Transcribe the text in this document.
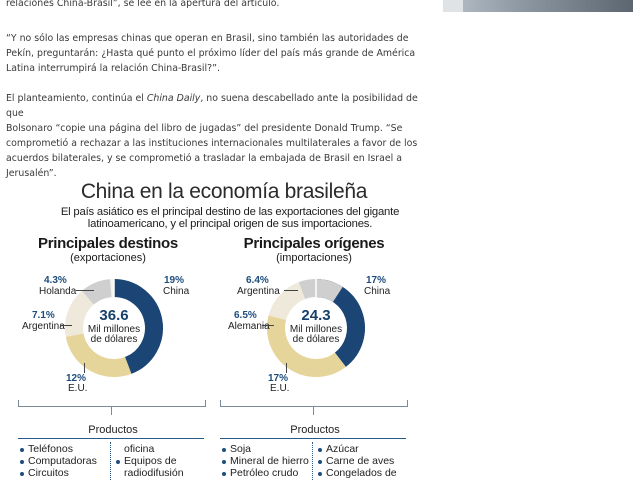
relaciones China-Brasil”, se lee en la apertura del artículo.

“Y no sólo las empresas chinas que operan en Brasil, sino también las autoridades de
Pekín, preguntarán: ¿Hasta qué punto el próximo líder del país más grande de América
Latina interrumpirá la relación China-Brasil?”.
El planteamiento, continúa el China Daily, no suena descabellado ante la posibilidad de que
Bolsonaro “copie una página del libro de jugadas” del presidente Donald Trump. “Se
comprometió a rechazar a las instituciones internacionales multilaterales a favor de los
acuerdos bilaterales, y se comprometió a trasladar la embajada de Brasil en Israel a
Jerusalén”.
China en la economía brasileña
El país asiático es el principal destino de las exportaciones del gigante
latinoamericano, y el principal origen de sus importaciones.
Principales destinos
(exportaciones)
36.6
Mil millones
de dólares
19%
China
4.3%
Holanda
7.1%
Argentina
12%
E.U.
Principales orígenes
(importaciones)
24.3
Mil millones
de dólares
17%
China
6.4%
Argentina
6.5%
Alemania
17%
E.U.
Productos
Teléfonos
Computadoras
Circuitos
oficina
Equipos de
radiodifusión
Productos
Soja
Mineral de hierro
Petróleo crudo
Azúcar
Carne de aves
Congelados de
